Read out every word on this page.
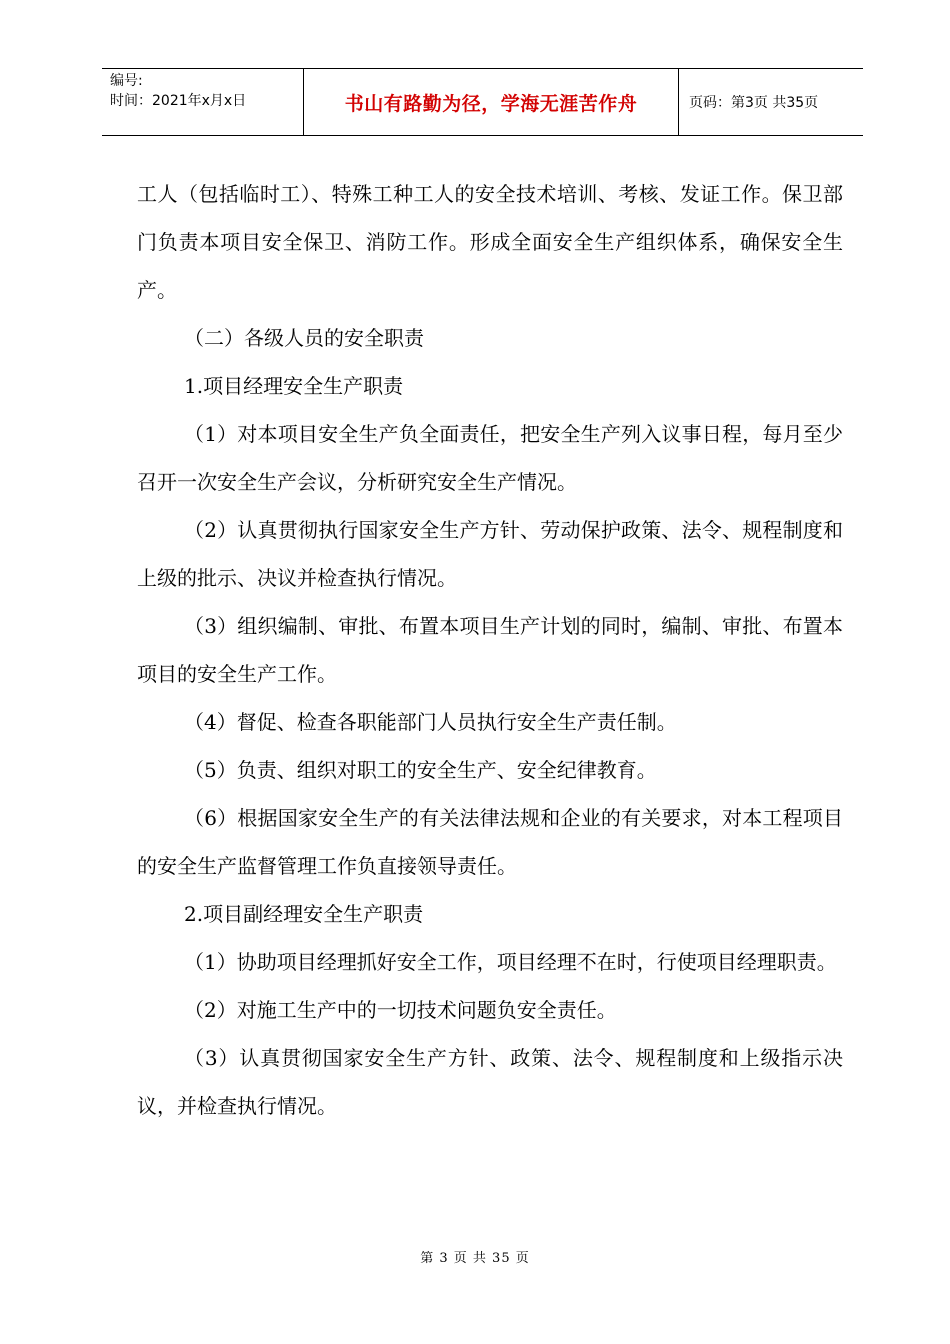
编号:
时间：2021年x月x日	书山有路勤为径，学海无涯苦作舟	页码：第3页 共35页

工人（包括临时工）、特殊工种工人的安全技术培训、考核、发证工作。保卫部门负责本项目安全保卫、消防工作。形成全面安全生产组织体系，确保安全生产。

（二）各级人员的安全职责

1.项目经理安全生产职责

（1）对本项目安全生产负全面责任，把安全生产列入议事日程，每月至少召开一次安全生产会议，分析研究安全生产情况。

（2）认真贯彻执行国家安全生产方针、劳动保护政策、法令、规程制度和上级的批示、决议并检查执行情况。

（3）组织编制、审批、布置本项目生产计划的同时，编制、审批、布置本项目的安全生产工作。

（4）督促、检查各职能部门人员执行安全生产责任制。

（5）负责、组织对职工的安全生产、安全纪律教育。

（6）根据国家安全生产的有关法律法规和企业的有关要求，对本工程项目的安全生产监督管理工作负直接领导责任。

2.项目副经理安全生产职责

（1）协助项目经理抓好安全工作，项目经理不在时，行使项目经理职责。

（2）对施工生产中的一切技术问题负安全责任。

（3）认真贯彻国家安全生产方针、政策、法令、规程制度和上级指示决议，并检查执行情况。

第 3 页 共 35 页
